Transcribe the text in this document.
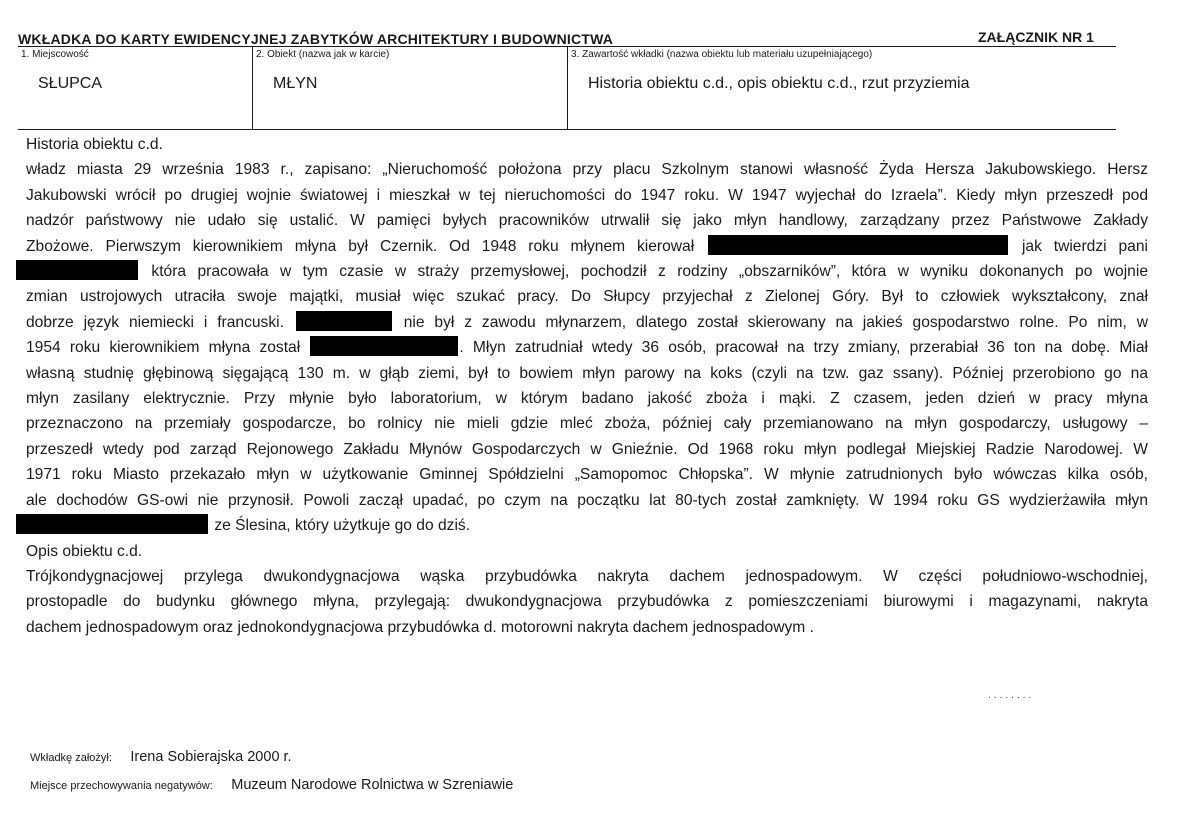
WKŁADKA DO KARTY EWIDENCYJNEJ ZABYTKÓW ARCHITEKTURY I BUDOWNICTWA	ZAŁĄCZNIK NR 1
1. Miejscowość
SŁUPCA
2. Obiekt (nazwa jak w karcie)
MŁYN
3. Zawartość wkładki (nazwa obiektu lub materiału uzupełniającego)
Historia obiektu c.d., opis obiektu c.d., rzut przyziemia

Historia obiektu c.d.

władz miasta 29 września 1983 r., zapisano: „Nieruchomość położona przy placu Szkolnym stanowi własność Żyda Hersza Jakubowskiego. Hersz

Jakubowski wrócił po drugiej wojnie światowej i mieszkał w tej nieruchomości do 1947 roku. W 1947 wyjechał do Izraela”. Kiedy młyn przeszedł pod

nadzór państwowy nie udało się ustalić. W pamięci byłych pracowników utrwalił się jako młyn handlowy, zarządzany przez Państwowe Zakłady

Zbożowe. Pierwszym kierownikiem młyna był Czernik. Od 1948 roku młynem kierował	jak twierdzi pani

która pracowała w tym czasie w straży przemysłowej, pochodził z rodziny „obszarników”, która w wyniku dokonanych po wojnie

zmian ustrojowych utraciła swoje majątki, musiał więc szukać pracy. Do Słupcy przyjechał z Zielonej Góry. Był to człowiek wykształcony, znał

dobrze język niemiecki i francuski.	nie był z zawodu młynarzem, dlatego został skierowany na jakieś gospodarstwo rolne. Po nim, w

1954 roku kierownikiem młyna został	. Młyn zatrudniał wtedy 36 osób, pracował na trzy zmiany, przerabiał 36 ton na dobę. Miał

własną studnię głębinową sięgającą 130 m. w głąb ziemi, był to bowiem młyn parowy na koks (czyli na tzw. gaz ssany). Później przerobiono go na

młyn zasilany elektrycznie. Przy młynie było laboratorium, w którym badano jakość zboża i mąki. Z czasem, jeden dzień w pracy młyna

przeznaczono na przemiały gospodarcze, bo rolnicy nie mieli gdzie mleć zboża, później cały przemianowano na młyn gospodarczy, usługowy –

przeszedł wtedy pod zarząd Rejonowego Zakładu Młynów Gospodarczych w Gnieźnie. Od 1968 roku młyn podlegał Miejskiej Radzie Narodowej. W

1971 roku Miasto przekazało młyn w użytkowanie Gminnej Spółdzielni „Samopomoc Chłopska”. W młynie zatrudnionych było wówczas kilka osób,

ale dochodów GS-owi nie przynosił. Powoli zaczął upadać, po czym na początku lat 80-tych został zamknięty. W 1994 roku GS wydzierżawiła młyn

ze Ślesina, który użytkuje go do dziś.

Opis obiektu c.d.

Trójkondygnacjowej przylega dwukondygnacjowa wąska przybudówka nakryta dachem jednospadowym. W części południowo-wschodniej,

prostopadle do budynku głównego młyna, przylegają: dwukondygnacjowa przybudówka z pomieszczeniami biurowymi i magazynami, nakryta

dachem jednospadowym oraz jednokondygnacjowa przybudówka d. motorowni nakryta dachem jednospadowym .

........
Wkładkę założył: Irena Sobierajska 2000 r.
Miejsce przechowywania negatywów: Muzeum Narodowe Rolnictwa w Szreniawie
